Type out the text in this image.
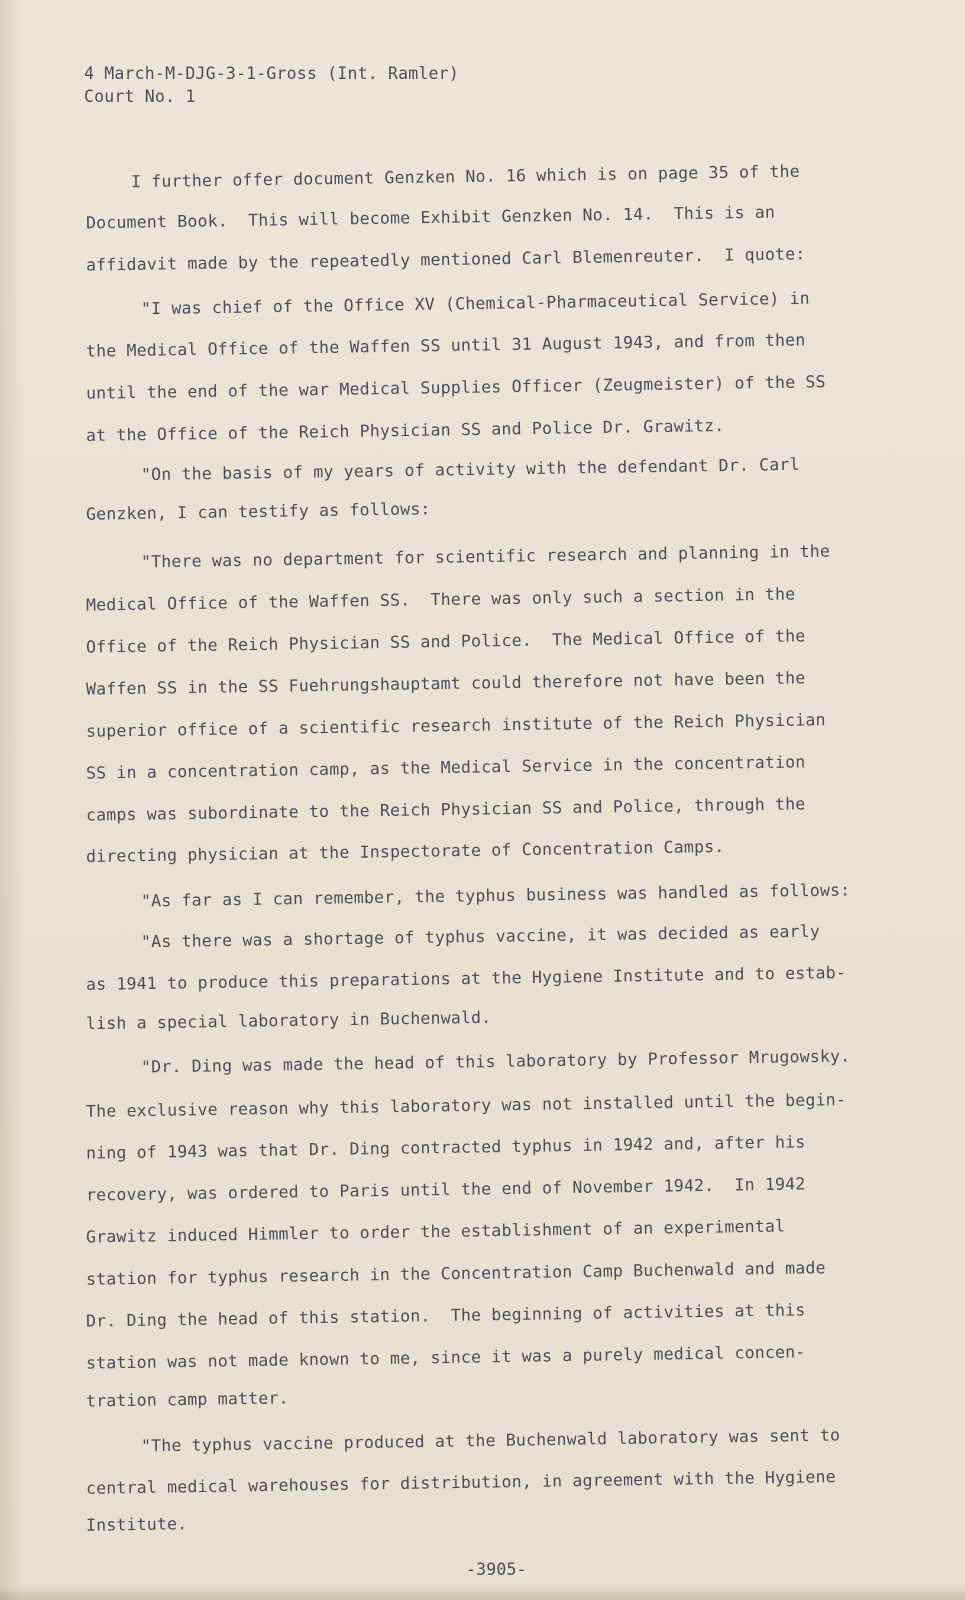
4 March-M-DJG-3-1-Gross (Int. Ramler)
Court No. 1
I further offer document Genzken No. 16 which is on page 35 of the
Document Book.  This will become Exhibit Genzken No. 14.  This is an
affidavit made by the repeatedly mentioned Carl Blemenreuter.  I quote:
"I was chief of the Office XV (Chemical-Pharmaceutical Service) in
the Medical Office of the Waffen SS until 31 August 1943, and from then
until the end of the war Medical Supplies Officer (Zeugmeister) of the SS
at the Office of the Reich Physician SS and Police Dr. Grawitz.
"On the basis of my years of activity with the defendant Dr. Carl
Genzken, I can testify as follows:
"There was no department for scientific research and planning in the
Medical Office of the Waffen SS.  There was only such a section in the
Office of the Reich Physician SS and Police.  The Medical Office of the
Waffen SS in the SS Fuehrungshauptamt could therefore not have been the
superior office of a scientific research institute of the Reich Physician
SS in a concentration camp, as the Medical Service in the concentration
camps was subordinate to the Reich Physician SS and Police, through the
directing physician at the Inspectorate of Concentration Camps.
"As far as I can remember, the typhus business was handled as follows:
"As there was a shortage of typhus vaccine, it was decided as early
as 1941 to produce this preparations at the Hygiene Institute and to estab-
lish a special laboratory in Buchenwald.
"Dr. Ding was made the head of this laboratory by Professor Mrugowsky.
The exclusive reason why this laboratory was not installed until the begin-
ning of 1943 was that Dr. Ding contracted typhus in 1942 and, after his
recovery, was ordered to Paris until the end of November 1942.  In 1942
Grawitz induced Himmler to order the establishment of an experimental
station for typhus research in the Concentration Camp Buchenwald and made
Dr. Ding the head of this station.  The beginning of activities at this
station was not made known to me, since it was a purely medical concen-
tration camp matter.
"The typhus vaccine produced at the Buchenwald laboratory was sent to
central medical warehouses for distribution, in agreement with the Hygiene
Institute.
-3905-
